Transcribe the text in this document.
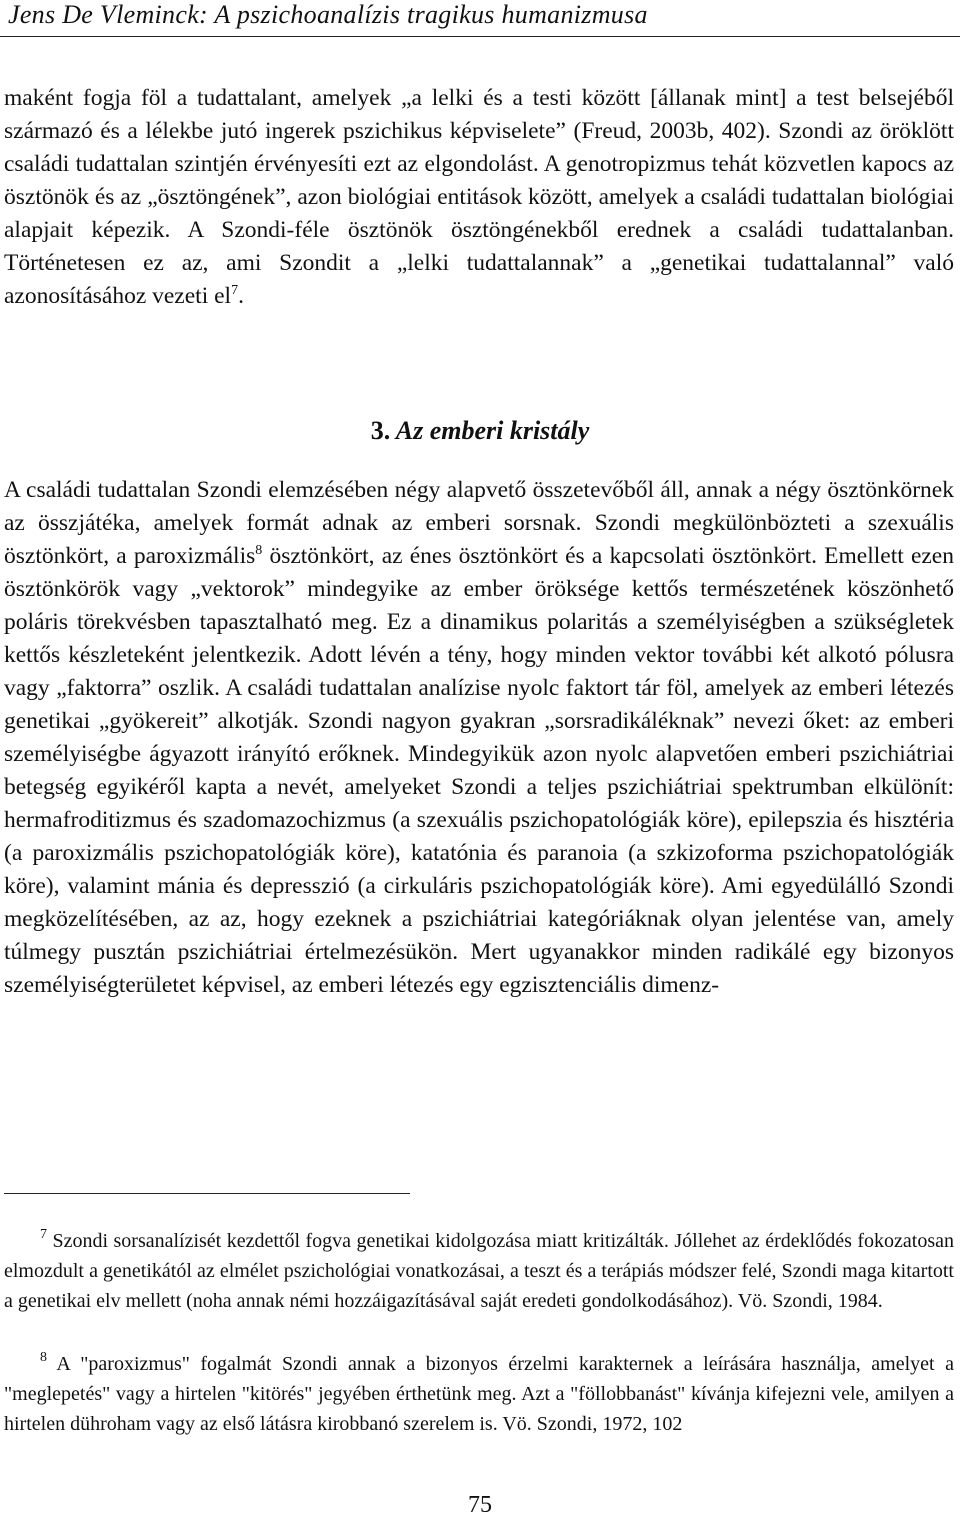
Jens De Vleminck: A pszichoanalízis tragikus humanizmusa

maként fogja föl a tudattalant, amelyek „a lelki és a testi között [állanak mint] a test belsejéből származó és a lélekbe jutó ingerek pszichikus képviselete” (Freud, 2003b, 402). Szondi az öröklött családi tudattalan szintjén érvényesíti ezt az elgondolást. A genotropizmus tehát közvetlen kapocs az ösztönök és az „ösztöngének”, azon biológiai entitások között, amelyek a családi tudattalan biológiai alapjait képezik. A Szondi-féle ösztönök ösztöngénekből erednek a családi tudattalanban. Történetesen ez az, ami Szondit a „lelki tudattalannak” a „genetikai tudattalannal” való azonosításához vezeti $el^7$.

3. Az emberi kristály

A családi tudattalan Szondi elemzésében négy alapvető összetevőből áll, annak a négy ösztönkörnek az összjátéka, amelyek formát adnak az emberi sorsnak. Szondi megkülönbözteti a szexuális ösztönkört, a paroxizmális$^8$ ösztönkört, az énes ösztönkört és a kapcsolati ösztönkört. Emellett ezen ösztönkörök vagy „vektorok” mindegyike az ember öröksége kettős természetének köszönhető poláris törekvésben tapasztalható meg. Ez a dinamikus polaritás a személyiségben a szükségletek kettős készleteként jelentkezik. Adott lévén a tény, hogy minden vektor további két alkotó pólusra vagy „faktorra” oszlik. A családi tudattalan analízise nyolc faktort tár föl, amelyek az emberi létezés genetikai „gyökereit” alkotják. Szondi nagyon gyakran „sorsradikáléknak” nevezi őket: az emberi személyiségbe ágyazott irányító erőknek. Mindegyikük azon nyolc alapvetően emberi pszichiátriai betegség egyikéről kapta a nevét, amelyeket Szondi a teljes pszichiátriai spektrumban elkülönít: hermafroditizmus és szadomazochizmus (a szexuális pszichopatológiák köre), epilepszia és hisztéria (a paroxizmális pszichopatológiák köre), katatónia és paranoia (a szkizoforma pszichopatológiák köre), valamint mánia és depresszió (a cirkuláris pszichopatológiák köre). Ami egyedülálló Szondi megközelítésében, az az, hogy ezeknek a pszichiátriai kategóriáknak olyan jelentése van, amely túlmegy pusztán pszichiátriai értelmezésükön. Mert ugyanakkor minden radikálé egy bizonyos személyiségterületet képvisel, az emberi létezés egy egzisztenciális dimenz-

$^7$ Szondi sorsanalízisét kezdettől fogva genetikai kidolgozása miatt kritizálták. Jóllehet az érdeklődés fokozatosan elmozdult a genetikától az elmélet pszichológiai vonatkozásai, a teszt és a terápiás módszer felé, Szondi maga kitartott a genetikai elv mellett (noha annak némi hozzáigazításával saját eredeti gondolkodásához). Vö. Szondi, 1984.

$^8$ A "paroxizmus" fogalmát Szondi annak a bizonyos érzelmi karakternek a leírására használja, amelyet a "meglepetés" vagy a hirtelen "kitörés" jegyében érthetünk meg. Azt a "föllobbanást" kívánja kifejezni vele, amilyen a hirtelen dühroham vagy az első látásra kirobbanó szerelem is. Vö. Szondi, 1972, 102

75
